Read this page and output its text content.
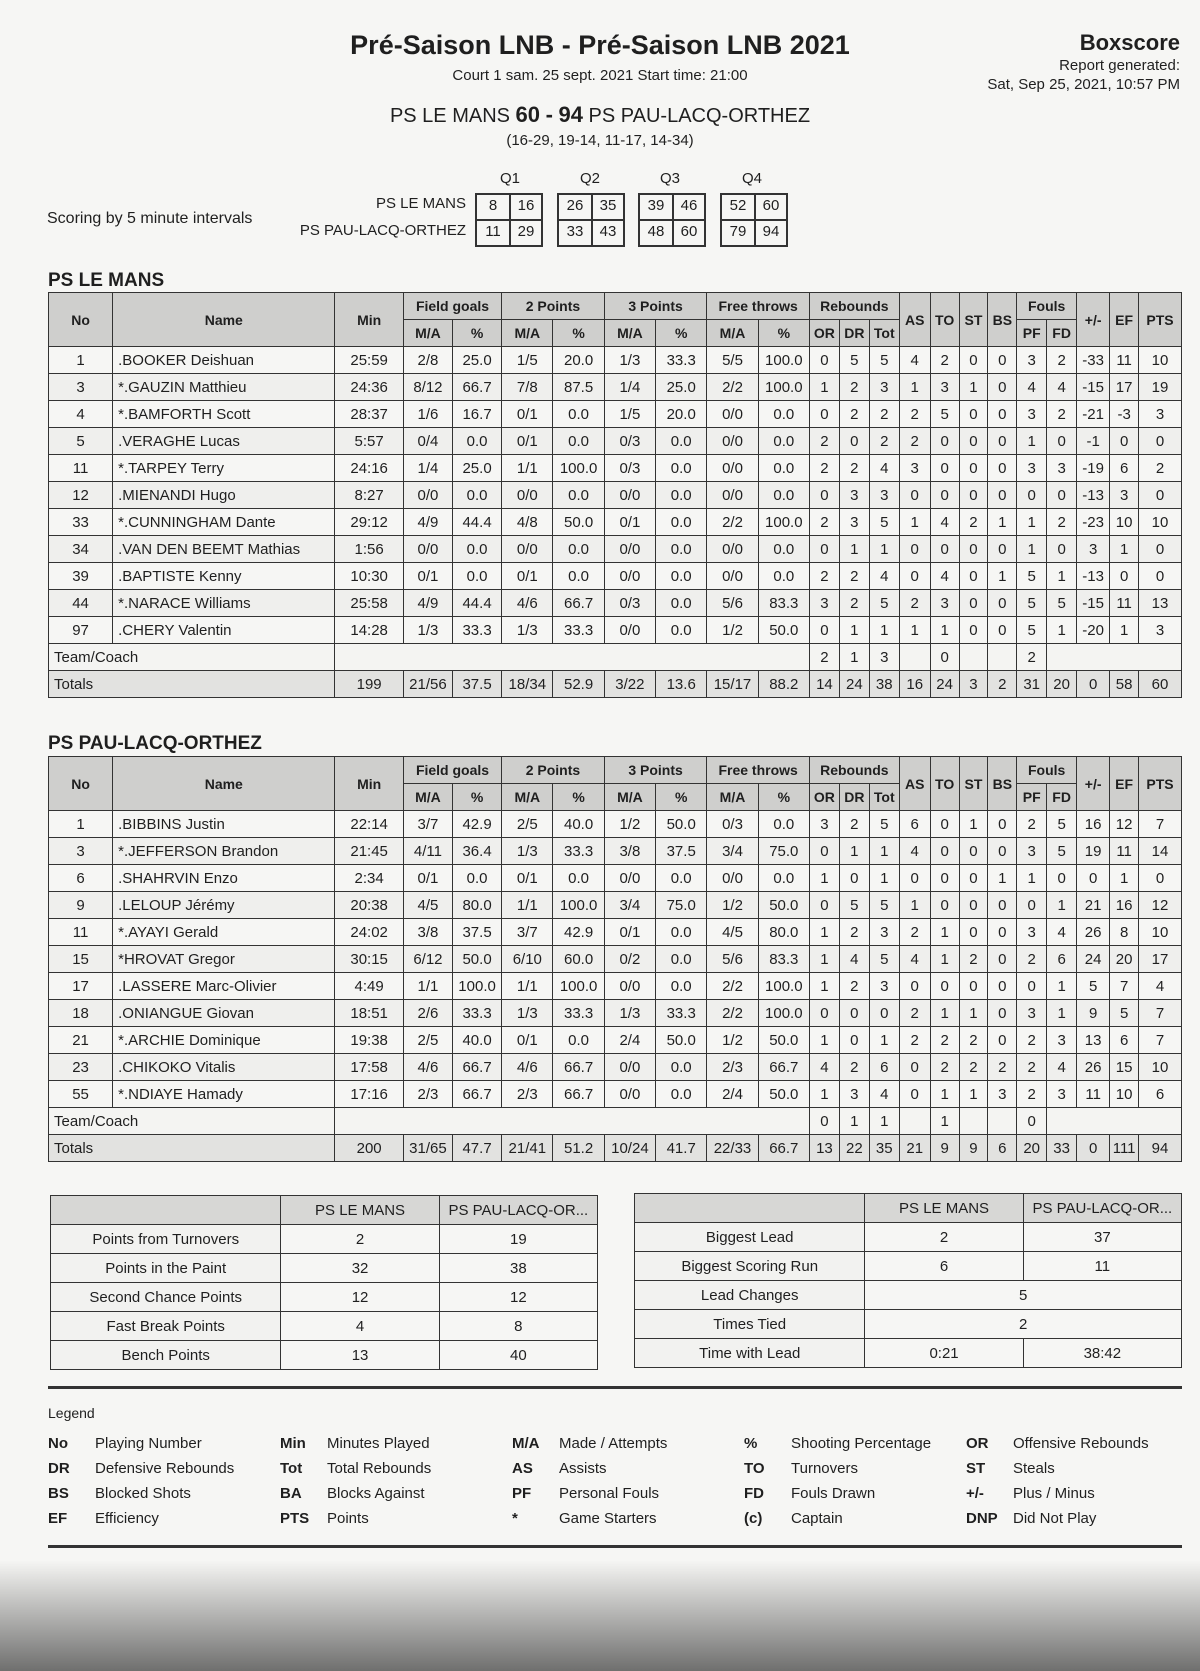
Pré-Saison LNB - Pré-Saison LNB 2021
Court 1 sam. 25 sept. 2021 Start time: 21:00
PS LE MANS 60 - 94 PS PAU-LACQ-ORTHEZ
(16-29, 19-14, 11-17, 14-34)
Boxscore
Report generated:
Sat, Sep 25, 2021, 10:57 PM
Scoring by 5 minute intervals
Q1	Q2	Q3	Q4
PS LE MANS
PS PAU-LACQ-ORTHEZ
8	16	26	35	39	46	52	60
11	29	33	43	48	60	79	94
PS LE MANS
No	Name	Min	Field goals		2 Points		3 Points		Free throws		Rebounds			AS	TO	ST	BS	Fouls		+/-	EF	PTS
			M/A	%	M/A	%	M/A	%	M/A	%	OR	DR	Tot					PF	FD			
1	.BOOKER Deishuan	25:59	2/8	25.0	1/5	20.0	1/3	33.3	5/5	100.0	0	5	5	4	2	0	0	3	2	-33	11	10
3	*.GAUZIN Matthieu	24:36	8/12	66.7	7/8	87.5	1/4	25.0	2/2	100.0	1	2	3	1	3	1	0	4	4	-15	17	19
4	*.BAMFORTH Scott	28:37	1/6	16.7	0/1	0.0	1/5	20.0	0/0	0.0	0	2	2	2	5	0	0	3	2	-21	-3	3
5	.VERAGHE Lucas	5:57	0/4	0.0	0/1	0.0	0/3	0.0	0/0	0.0	2	0	2	2	0	0	0	1	0	-1	0	0
11	*.TARPEY Terry	24:16	1/4	25.0	1/1	100.0	0/3	0.0	0/0	0.0	2	2	4	3	0	0	0	3	3	-19	6	2
12	.MIENANDI Hugo	8:27	0/0	0.0	0/0	0.0	0/0	0.0	0/0	0.0	0	3	3	0	0	0	0	0	0	-13	3	0
33	*.CUNNINGHAM Dante	29:12	4/9	44.4	4/8	50.0	0/1	0.0	2/2	100.0	2	3	5	1	4	2	1	1	2	-23	10	10
34	.VAN DEN BEEMT Mathias	1:56	0/0	0.0	0/0	0.0	0/0	0.0	0/0	0.0	0	1	1	0	0	0	0	1	0	3	1	0
39	.BAPTISTE Kenny	10:30	0/1	0.0	0/1	0.0	0/0	0.0	0/0	0.0	2	2	4	0	4	0	1	5	1	-13	0	0
44	*.NARACE Williams	25:58	4/9	44.4	4/6	66.7	0/3	0.0	5/6	83.3	3	2	5	2	3	0	0	5	5	-15	11	13
97	.CHERY Valentin	14:28	1/3	33.3	1/3	33.3	0/0	0.0	1/2	50.0	0	1	1	1	1	0	0	5	1	-20	1	3
Team/Coach											2	1	3		0			2				
Totals		199	21/56	37.5	18/34	52.9	3/22	13.6	15/17	88.2	14	24	38	16	24	3	2	31	20	0	58	60
PS PAU-LACQ-ORTHEZ
No	Name	Min	Field goals		2 Points		3 Points		Free throws		Rebounds			AS	TO	ST	BS	Fouls		+/-	EF	PTS
			M/A	%	M/A	%	M/A	%	M/A	%	OR	DR	Tot					PF	FD			
1	.BIBBINS Justin	22:14	3/7	42.9	2/5	40.0	1/2	50.0	0/3	0.0	3	2	5	6	0	1	0	2	5	16	12	7
3	*.JEFFERSON Brandon	21:45	4/11	36.4	1/3	33.3	3/8	37.5	3/4	75.0	0	1	1	4	0	0	0	3	5	19	11	14
6	.SHAHRVIN Enzo	2:34	0/1	0.0	0/1	0.0	0/0	0.0	0/0	0.0	1	0	1	0	0	0	1	1	0	0	1	0
9	.LELOUP Jérémy	20:38	4/5	80.0	1/1	100.0	3/4	75.0	1/2	50.0	0	5	5	1	0	0	0	0	1	21	16	12
11	*.AYAYI Gerald	24:02	3/8	37.5	3/7	42.9	0/1	0.0	4/5	80.0	1	2	3	2	1	0	0	3	4	26	8	10
15	*HROVAT Gregor	30:15	6/12	50.0	6/10	60.0	0/2	0.0	5/6	83.3	1	4	5	4	1	2	0	2	6	24	20	17
17	.LASSERE Marc-Olivier	4:49	1/1	100.0	1/1	100.0	0/0	0.0	2/2	100.0	1	2	3	0	0	0	0	0	1	5	7	4
18	.ONIANGUE Giovan	18:51	2/6	33.3	1/3	33.3	1/3	33.3	2/2	100.0	0	0	0	2	1	1	0	3	1	9	5	7
21	*.ARCHIE Dominique	19:38	2/5	40.0	0/1	0.0	2/4	50.0	1/2	50.0	1	0	1	2	2	2	0	2	3	13	6	7
23	.CHIKOKO Vitalis	17:58	4/6	66.7	4/6	66.7	0/0	0.0	2/3	66.7	4	2	6	0	2	2	2	2	4	26	15	10
55	*.NDIAYE Hamady	17:16	2/3	66.7	2/3	66.7	0/0	0.0	2/4	50.0	1	3	4	0	1	1	3	2	3	11	10	6
Team/Coach											0	1	1		1			0				
Totals		200	31/65	47.7	21/41	51.2	10/24	41.7	22/33	66.7	13	22	35	21	9	9	6	20	33	0	111	94
	PS LE MANS	PS PAU-LACQ-OR...
Points from Turnovers	2	19
Points in the Paint	32	38
Second Chance Points	12	12
Fast Break Points	4	8
Bench Points	13	40
	PS LE MANS	PS PAU-LACQ-OR...
Biggest Lead	2	37
Biggest Scoring Run	6	11
Lead Changes	5	
Times Tied	2	
Time with Lead	0:21	38:42
Legend
No Playing Number
DR Defensive Rebounds
BS Blocked Shots
EF Efficiency
Min Minutes Played
Tot Total Rebounds
BA Blocks Against
PTS Points
M/A Made / Attempts
AS Assists
PF Personal Fouls
*	Game Starters
% Shooting Percentage
TO Turnovers
FD Fouls Drawn
(c) Captain
OR Offensive Rebounds
ST Steals
+/- Plus / Minus
DNP Did Not Play
